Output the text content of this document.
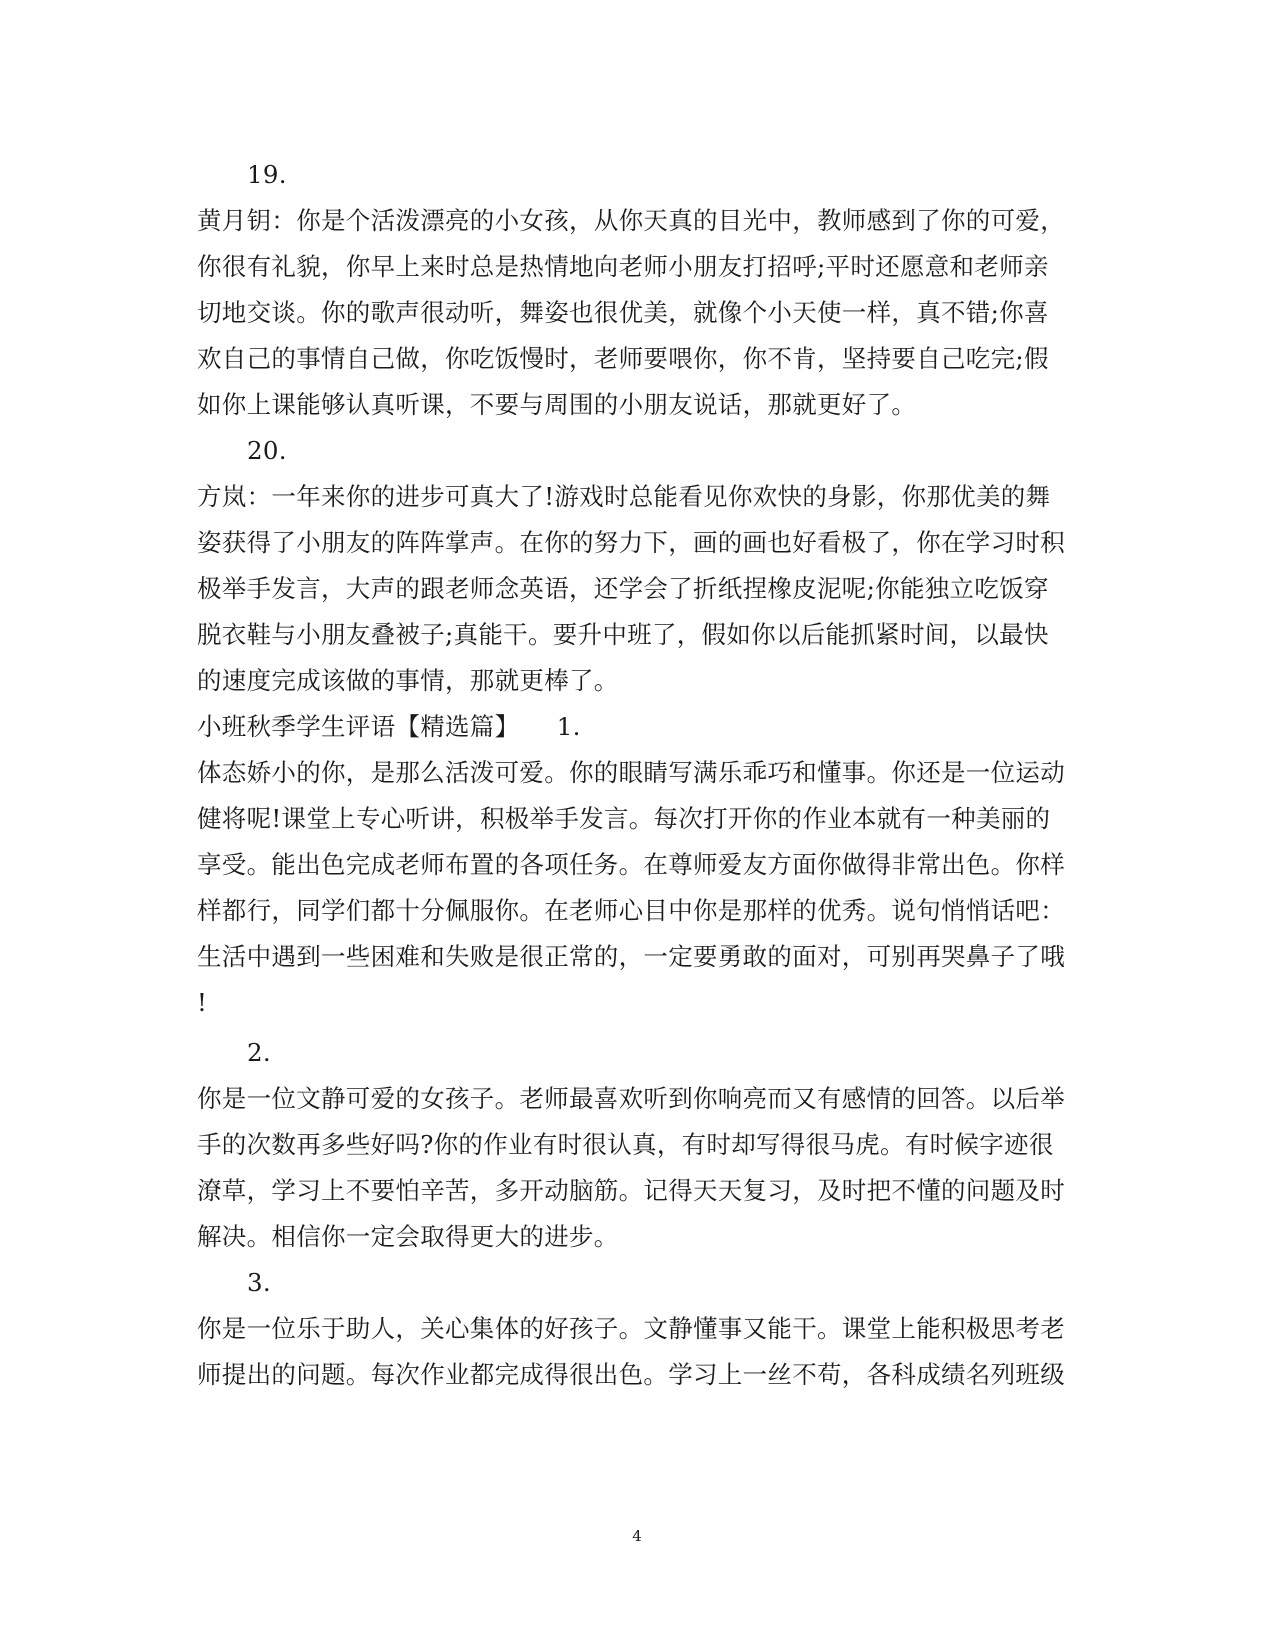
19.

黄月钥：你是个活泼漂亮的小女孩，从你天真的目光中，教师感到了你的可爱，

你很有礼貌，你早上来时总是热情地向老师小朋友打招呼;平时还愿意和老师亲

切地交谈。你的歌声很动听，舞姿也很优美，就像个小天使一样，真不错;你喜

欢自己的事情自己做，你吃饭慢时，老师要喂你，你不肯，坚持要自己吃完;假

如你上课能够认真听课，不要与周围的小朋友说话，那就更好了。

20.

方岚：一年来你的进步可真大了!游戏时总能看见你欢快的身影，你那优美的舞

姿获得了小朋友的阵阵掌声。在你的努力下，画的画也好看极了，你在学习时积

极举手发言，大声的跟老师念英语，还学会了折纸捏橡皮泥呢;你能独立吃饭穿

脱衣鞋与小朋友叠被子;真能干。要升中班了，假如你以后能抓紧时间，以最快

的速度完成该做的事情，那就更棒了。

小班秋季学生评语【精选篇】　　1.

体态娇小的你，是那么活泼可爱。你的眼睛写满乐乖巧和懂事。你还是一位运动

健将呢!课堂上专心听讲，积极举手发言。每次打开你的作业本就有一种美丽的

享受。能出色完成老师布置的各项任务。在尊师爱友方面你做得非常出色。你样

样都行，同学们都十分佩服你。在老师心目中你是那样的优秀。说句悄悄话吧：

生活中遇到一些困难和失败是很正常的，一定要勇敢的面对，可别再哭鼻子了哦

!

2.

你是一位文静可爱的女孩子。老师最喜欢听到你响亮而又有感情的回答。以后举

手的次数再多些好吗?你的作业有时很认真，有时却写得很马虎。有时候字迹很

潦草，学习上不要怕辛苦，多开动脑筋。记得天天复习，及时把不懂的问题及时

解决。相信你一定会取得更大的进步。

3.

你是一位乐于助人，关心集体的好孩子。文静懂事又能干。课堂上能积极思考老

师提出的问题。每次作业都完成得很出色。学习上一丝不苟，各科成绩名列班级

4
